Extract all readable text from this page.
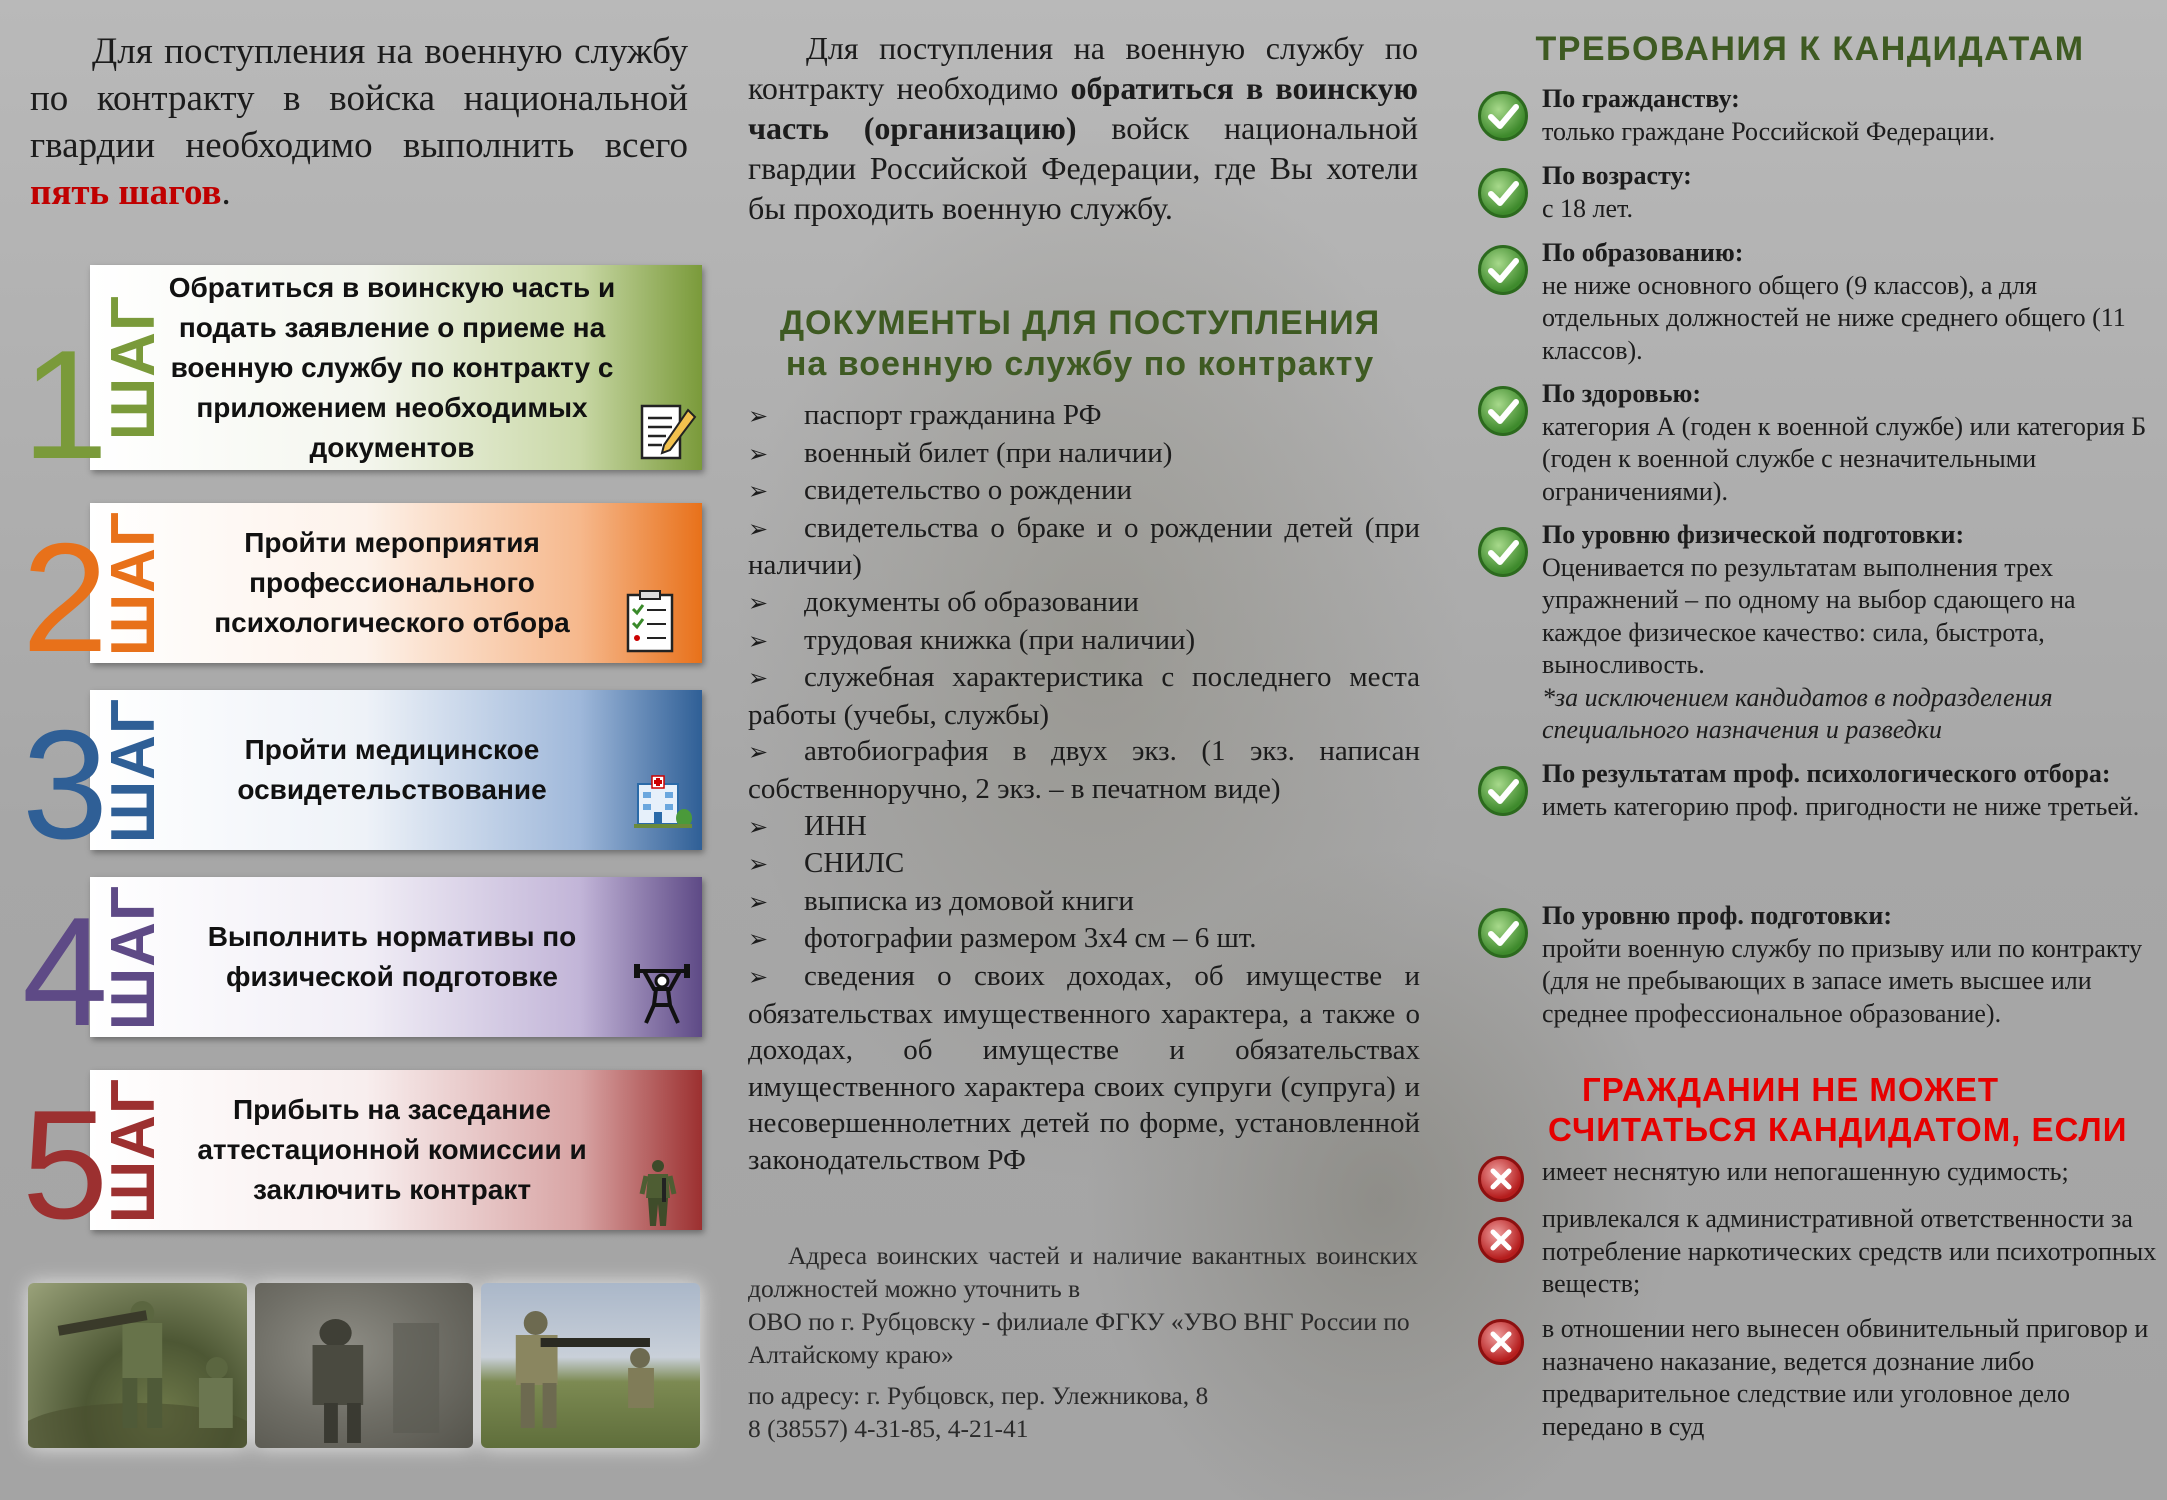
Для поступления на военную службу по контракту в войска национальной гвардии необходимо выполнить всего пять шагов.
1
ШАГ
Обратиться в воинскую часть и подать заявление о приеме на военную службу по контракту с приложением необходимых документов
2
ШАГ	Пройти мероприятия профессионального психологического отбора
3
ШАГ	Пройти медицинское освидетельствование
4
ШАГ	Выполнить нормативы по физической подготовке
5
ШАГ	Прибыть на заседание аттестационной комиссии и заключить контракт
Для поступления на военную службу по контракту необходимо обратиться в воинскую часть (организацию) войск национальной гвардии Российской Федерации, где Вы хотели бы проходить военную службу.
ДОКУМЕНТЫ ДЛЯ ПОСТУПЛЕНИЯ
на военную службу по контракту
➢ паспорт гражданина РФ
➢ военный билет (при наличии)
➢ свидетельство о рождении
➢ свидетельства о браке и о рождении детей (при наличии)
➢ документы об образовании
➢ трудовая книжка (при наличии)
➢ служебная характеристика с последнего места работы (учебы, службы)
➢ автобиография в двух экз. (1 экз. написан собственноручно, 2 экз. – в печатном виде)
➢ ИНН
➢ СНИЛС
➢ выписка из домовой книги
➢ фотографии размером 3х4 см – 6 шт.
➢ сведения о своих доходах, об имуществе и обязательствах имущественного характера, а также о доходах, об имуществе и обязательствах имущественного характера своих супруги (супруга) и несовершеннолетних детей по форме, установленной законодательством РФ

Адреса воинских частей и наличие вакантных воинских должностей можно уточнить в

ОВО по г. Рубцовску - филиале ФГКУ «УВО ВНГ России по Алтайскому краю»

по адресу: г. Рубцовск, пер. Улежникова, 8

8 (38557) 4-31-85, 4-21-41

ТРЕБОВАНИЯ К КАНДИДАТАМ
По гражданству:
только граждане Российской Федерации.
По возрасту:
с 18 лет.
По образованию:
не ниже основного общего (9 классов), а для отдельных должностей не ниже среднего общего (11 классов).
По здоровью:
категория А (годен к военной службе) или категория Б (годен к военной службе с незначительными ограничениями).
По уровню физической подготовки:
Оценивается по результатам выполнения трех упражнений – по одному на выбор сдающего на каждое физическое качество: сила, быстрота, выносливость.
*за исключением кандидатов в подразделения специального назначения и разведки
По результатам проф. психологического отбора:
иметь категорию проф. пригодности не ниже третьей.
По уровню проф. подготовки:
пройти военную службу по призыву или по контракту (для не пребывающих в запасе иметь высшее или среднее профессиональное образование).
ГРАЖДАНИН НЕ МОЖЕТ
СЧИТАТЬСЯ КАНДИДАТОМ, ЕСЛИ
имеет неснятую или непогашенную судимость;
привлекался к административной ответственности за потребление наркотических средств или психотропных веществ;
в отношении него вынесен обвинительный приговор и назначено наказание, ведется дознание либо предварительное следствие или уголовное дело передано в суд
